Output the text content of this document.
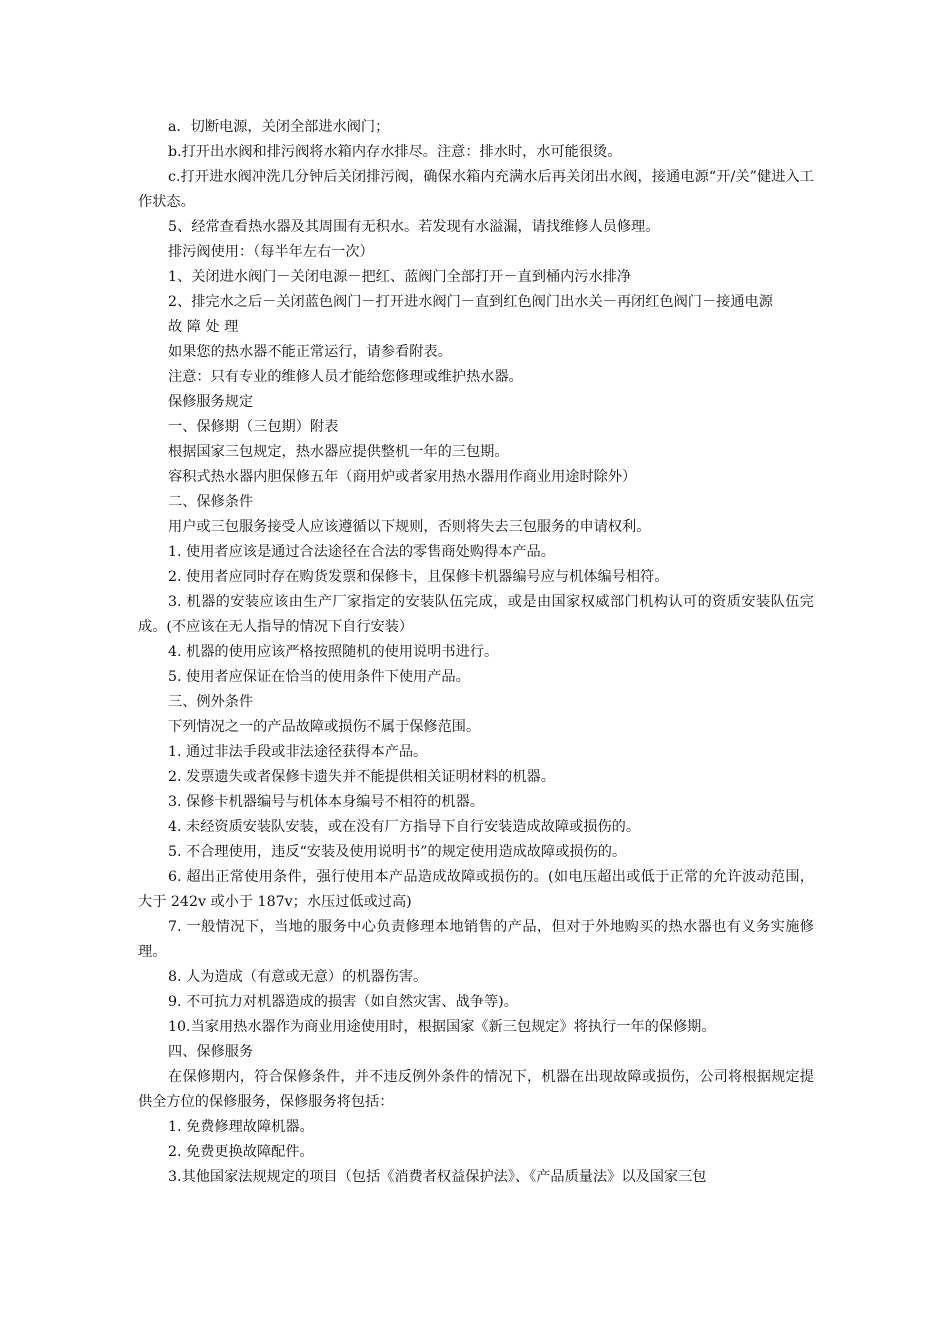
a．切断电源，关闭全部进水阀门；

b.打开出水阀和排污阀将水箱内存水排尽。注意：排水时，水可能很烫。

c.打开进水阀冲洗几分钟后关闭排污阀，确保水箱内充满水后再关闭出水阀，接通电源“开/关”健进入工作状态。

5、经常查看热水器及其周围有无积水。若发现有水溢漏，请找维修人员修理。

排污阀使用：（每半年左右一次）

1、关闭进水阀门－关闭电源－把红、蓝阀门全部打开－直到桶内污水排净

2、排完水之后－关闭蓝色阀门－打开进水阀门－直到红色阀门出水关－再闭红色阀门－接通电源

故 障 处 理

如果您的热水器不能正常运行，请参看附表。

注意：只有专业的维修人员才能给您修理或维护热水器。

保修服务规定

一、保修期（三包期）附表

根据国家三包规定，热水器应提供整机一年的三包期。

容积式热水器内胆保修五年（商用炉或者家用热水器用作商业用途时除外）

二、保修条件

用户或三包服务接受人应该遵循以下规则，否则将失去三包服务的申请权利。

1. 使用者应该是通过合法途径在合法的零售商处购得本产品。

2. 使用者应同时存在购货发票和保修卡，且保修卡机器编号应与机体编号相符。

3. 机器的安装应该由生产厂家指定的安装队伍完成，或是由国家权威部门机构认可的资质安装队伍完成。(不应该在无人指导的情况下自行安装）

4. 机器的使用应该严格按照随机的使用说明书进行。

5. 使用者应保证在恰当的使用条件下使用产品。

三、例外条件

下列情况之一的产品故障或损伤不属于保修范围。

1. 通过非法手段或非法途径获得本产品。

2. 发票遗失或者保修卡遗失并不能提供相关证明材料的机器。

3. 保修卡机器编号与机体本身编号不相符的机器。

4. 未经资质安装队安装，或在没有厂方指导下自行安装造成故障或损伤的。

5. 不合理使用，违反“安装及使用说明书”的规定使用造成故障或损伤的。

6. 超出正常使用条件，强行使用本产品造成故障或损伤的。(如电压超出或低于正常的允许波动范围，大于 242v 或小于 187v；水压过低或过高)

7. 一般情况下，当地的服务中心负责修理本地销售的产品，但对于外地购买的热水器也有义务实施修理。

8. 人为造成（有意或无意）的机器伤害。

9. 不可抗力对机器造成的损害（如自然灾害、战争等)。

10.当家用热水器作为商业用途使用时，根据国家《新三包规定》将执行一年的保修期。

四、保修服务

在保修期内，符合保修条件，并不违反例外条件的情况下，机器在出现故障或损伤，公司将根据规定提供全方位的保修服务，保修服务将包括：

1. 免费修理故障机器。

2. 免费更换故障配件。

3.其他国家法规规定的项目（包括《消费者权益保护法》、《产品质量法》以及国家三包
